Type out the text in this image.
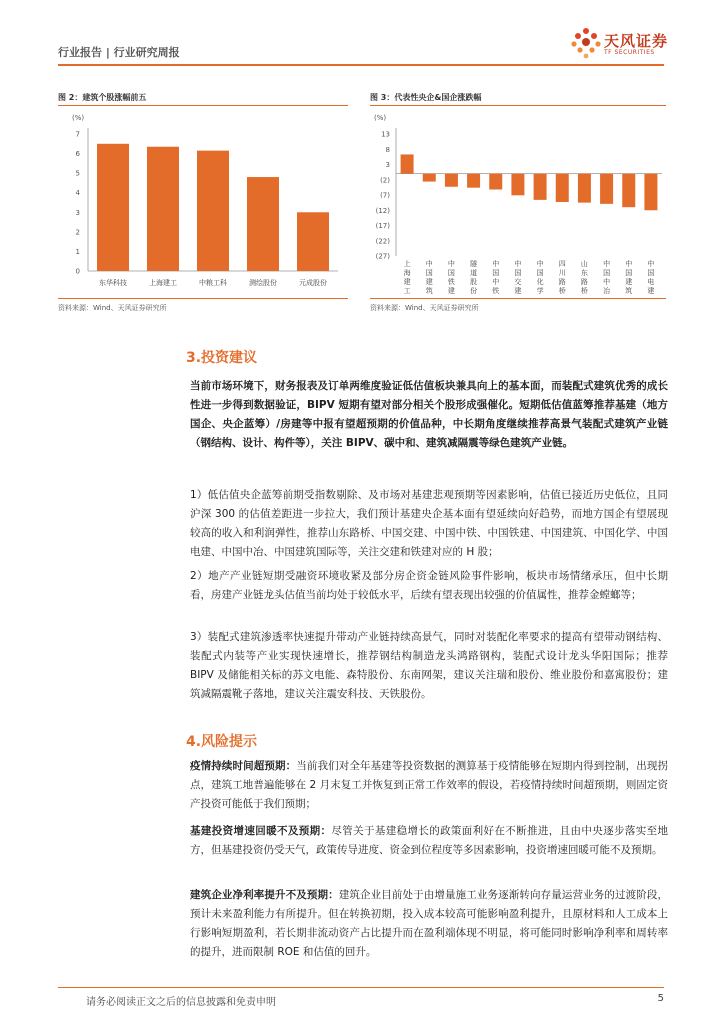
行业报告 | 行业研究周报
天风证券
TF SECURITIES
图 2：建筑个股涨幅前五
(%)
0
1
2
3
4
5
6
7
东华科技	上海建工	中粮工科	测绘股份	元成股份
资料来源：Wind、天风证券研究所
图 3：代表性央企&国企涨跌幅
(%)
13
8
3
(2)
(7)
(12)
(17)
(22)
(27)
上海建工
中国建筑
中国铁建
隧道股份
中国中铁
中国交建
中国化学
四川路桥
山东路桥
中国中冶
中国建筑
中国电建
资料来源：Wind、天风证券研究所
3.投资建议

当前市场环境下，财务报表及订单两维度验证低估值板块兼具向上的基本面，而装配式建筑优秀的成长性进一步得到数据验证，BIPV 短期有望对部分相关个股形成强催化。短期低估值蓝筹推荐基建（地方国企、央企蓝筹）/房建等中报有望超预期的价值品种，中长期角度继续推荐高景气装配式建筑产业链（钢结构、设计、构件等），关注 BIPV、碳中和、建筑减隔震等绿色建筑产业链。

1）低估值央企蓝筹前期受指数剔除、及市场对基建悲观预期等因素影响，估值已接近历史低位，且同沪深 300 的估值差距进一步拉大，我们预计基建央企基本面有望延续向好趋势，而地方国企有望展现较高的收入和利润弹性，推荐山东路桥、中国交建、中国中铁、中国铁建、中国建筑、中国化学、中国电建、中国中冶、中国建筑国际等，关注交建和铁建对应的 H 股；

2）地产产业链短期受融资环境收紧及部分房企资金链风险事件影响，板块市场情绪承压，但中长期看，房建产业链龙头估值当前均处于较低水平，后续有望表现出较强的价值属性，推荐金螳螂等；

3）装配式建筑渗透率快速提升带动产业链持续高景气，同时对装配化率要求的提高有望带动钢结构、装配式内装等产业实现快速增长，推荐钢结构制造龙头鸿路钢构，装配式设计龙头华阳国际；推荐 BIPV 及储能相关标的苏文电能、森特股份、东南网架，建议关注瑞和股份、维业股份和嘉寓股份；建筑减隔震靴子落地，建议关注震安科技、天铁股份。

4.风险提示

疫情持续时间超预期：当前我们对全年基建等投资数据的测算基于疫情能够在短期内得到控制，出现拐点，建筑工地普遍能够在 2 月末复工并恢复到正常工作效率的假设，若疫情持续时间超预期，则固定资产投资可能低于我们预期；

基建投资增速回暖不及预期：尽管关于基建稳增长的政策面利好在不断推进，且由中央逐步落实至地方，但基建投资仍受天气，政策传导进度、资金到位程度等多因素影响，投资增速回暖可能不及预期。

建筑企业净利率提升不及预期：建筑企业目前处于由增量施工业务逐渐转向存量运营业务的过渡阶段，预计未来盈利能力有所提升。但在转换初期，投入成本较高可能影响盈利提升，且原材料和人工成本上行影响短期盈利，若长期非流动资产占比提升而在盈利端体现不明显，将可能同时影响净利率和周转率的提升，进而限制 ROE 和估值的回升。

请务必阅读正文之后的信息披露和免责申明	5
